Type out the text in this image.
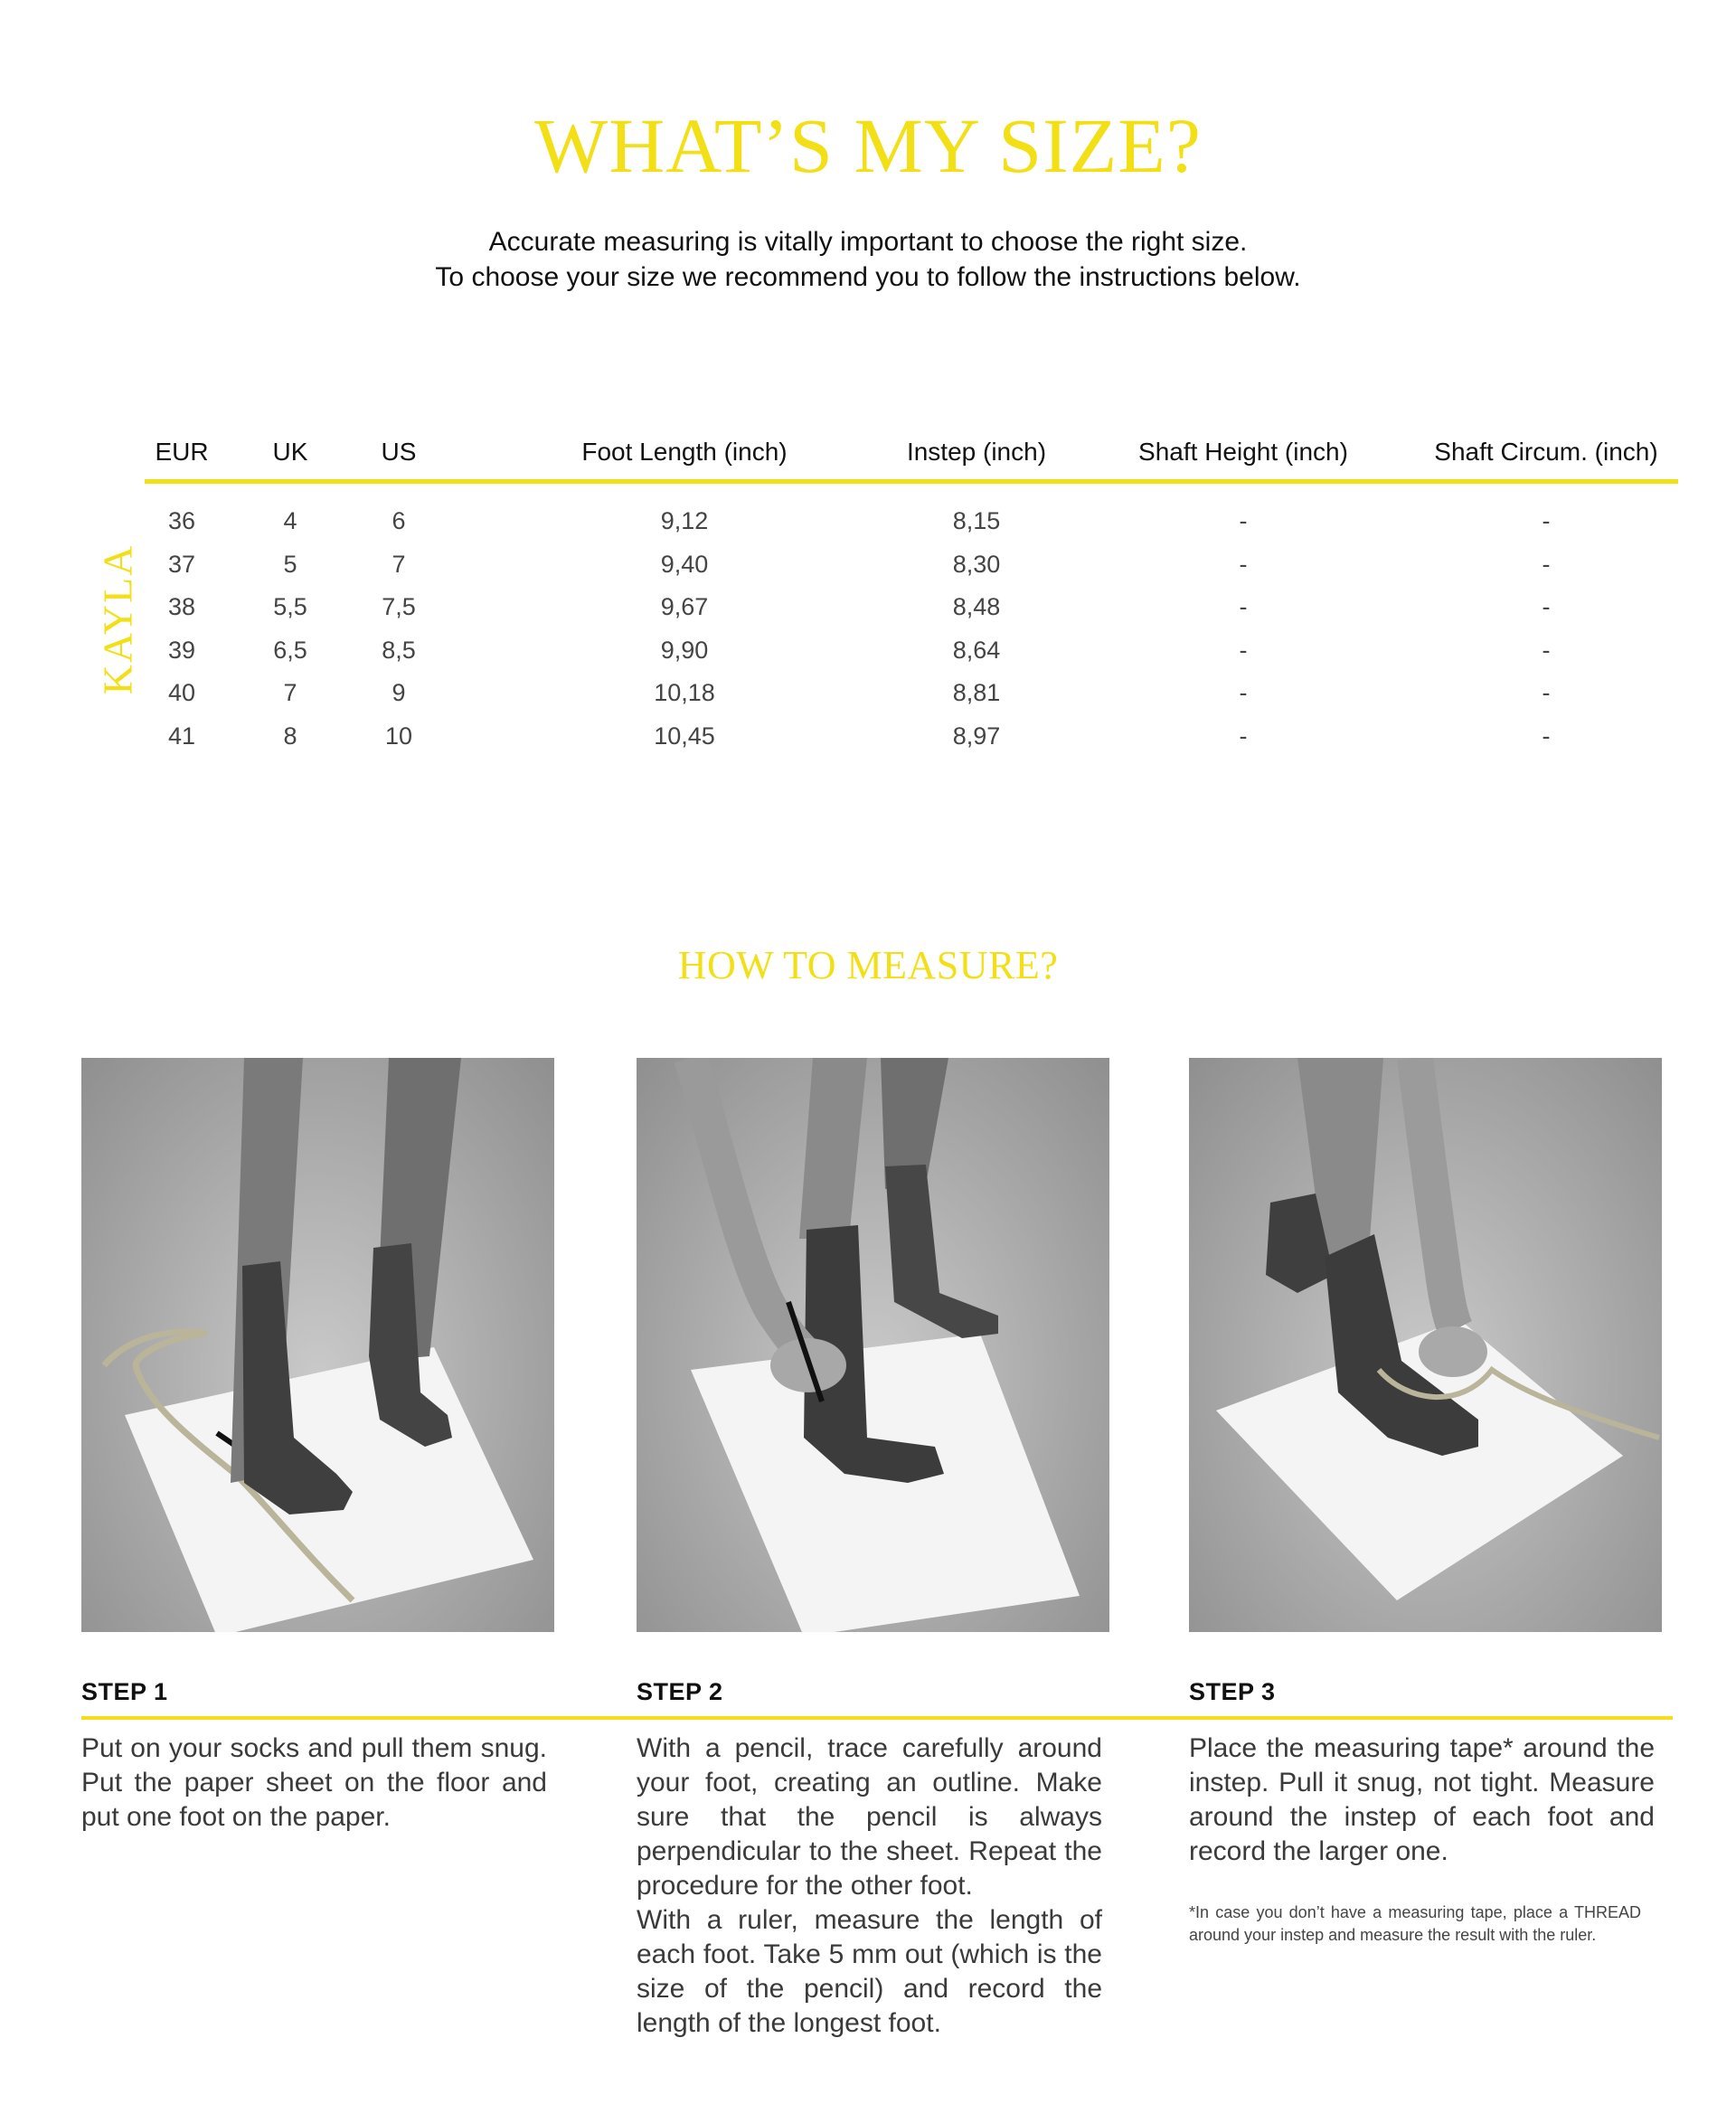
WHAT’S MY SIZE?
Accurate measuring is vitally important to choose the right size.
To choose your size we recommend you to follow the instructions below.
KAYLA
EUR	UK	US	Foot Length (inch)	Instep (inch)	Shaft Height (inch)	Shaft Circum. (inch)
36	4	6	9,12	8,15	-	-
37	5	7	9,40	8,30	-	-
38	5,5	7,5	9,67	8,48	-	-
39	6,5	8,5	9,90	8,64	-	-
40	7	9	10,18	8,81	-	-
41	8	10	10,45	8,97	-	-
HOW TO MEASURE?
STEP 1	STEP 2	STEP 3

Put on your socks and pull them snug. Put the paper sheet on the floor and put one foot on the paper.

With a pencil, trace carefully around your foot, creating an outline. Make sure that the pencil is always perpendicular to the sheet. Repeat the procedure for the other foot.

With a ruler, measure the length of each foot. Take 5 mm out (which is the size of the pencil) and record the length of the longest foot.

Place the measuring tape* around the instep. Pull it snug, not tight. Measure around the instep of each foot and record the larger one.

*In case you don’t have a measuring tape, place a THREAD around your instep and measure the result with the ruler.
